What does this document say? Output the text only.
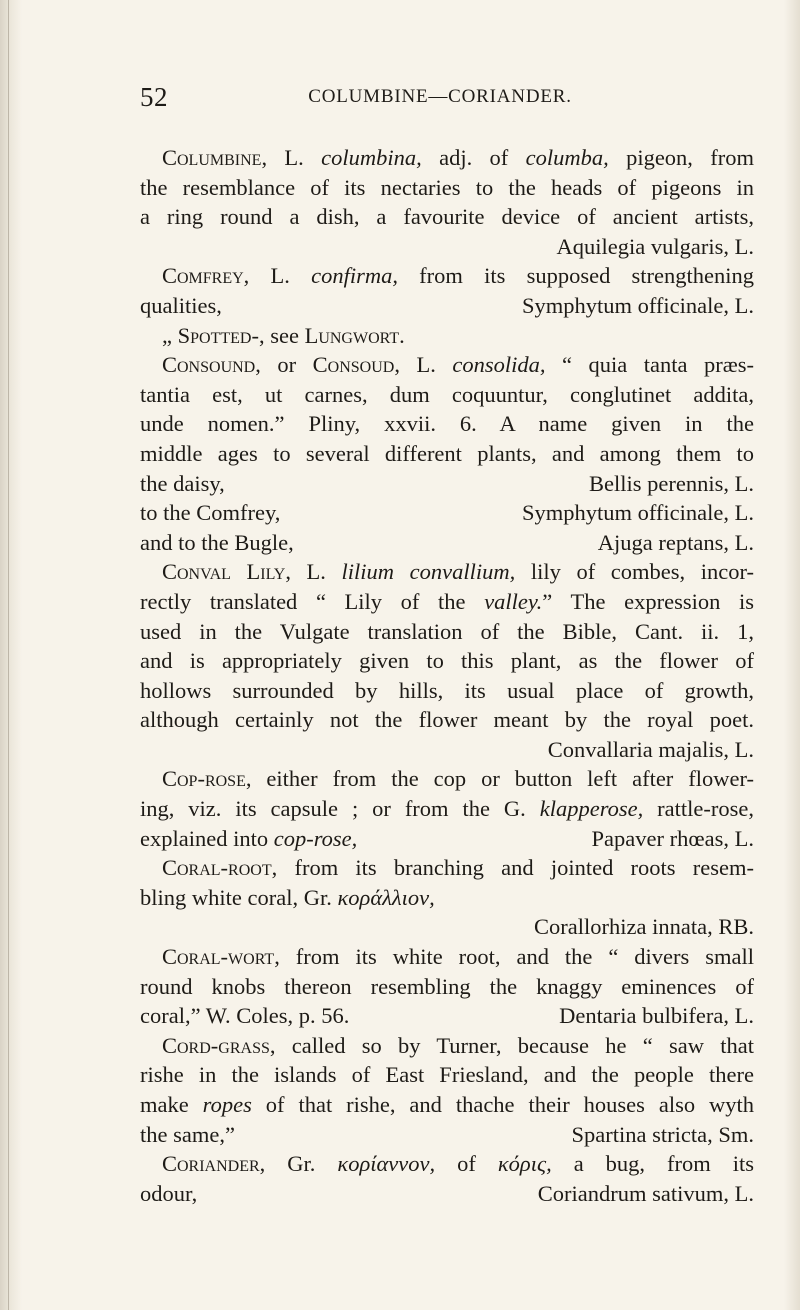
52	COLUMBINE—CORIANDER.
Columbine, L. columbina, adj. of columba, pigeon, from
the resemblance of its nectaries to the heads of pigeons in
a ring round a dish, a favourite device of ancient artists,
Aquilegia vulgaris, L.
Comfrey, L. confirma, from its supposed strengthening
qualities,	Symphytum officinale, L.
„ Spotted-, see Lungwort.
Consound, or Consoud, L. consolida, “ quia tanta præs-
tantia est, ut carnes, dum coquuntur, conglutinet addita,
unde nomen.” Pliny, xxvii. 6. A name given in the
middle ages to several different plants, and among them to
the daisy,	Bellis perennis, L.
to the Comfrey,	Symphytum officinale, L.
and to the Bugle,	Ajuga reptans, L.
Conval Lily, L. lilium convallium, lily of combes, incor-
rectly translated “ Lily of the valley.” The expression is
used in the Vulgate translation of the Bible, Cant. ii. 1,
and is appropriately given to this plant, as the flower of
hollows surrounded by hills, its usual place of growth,
although certainly not the flower meant by the royal poet.
Convallaria majalis, L.
Cop-rose, either from the cop or button left after flower-
ing, viz. its capsule ; or from the G. klapperose, rattle-rose,
explained into cop-rose,	Papaver rhœas, L.
Coral-root, from its branching and jointed roots resem-
bling white coral, Gr. κοράλλιον,
Corallorhiza innata, RB.
Coral-wort, from its white root, and the “ divers small
round knobs thereon resembling the knaggy eminences of
coral,” W. Coles, p. 56.	Dentaria bulbifera, L.
Cord-grass, called so by Turner, because he “ saw that
rishe in the islands of East Friesland, and the people there
make ropes of that rishe, and thache their houses also wyth
the same,”	Spartina stricta, Sm.
Coriander, Gr. κορίαννον, of κόρις, a bug, from its
odour,	Coriandrum sativum, L.
